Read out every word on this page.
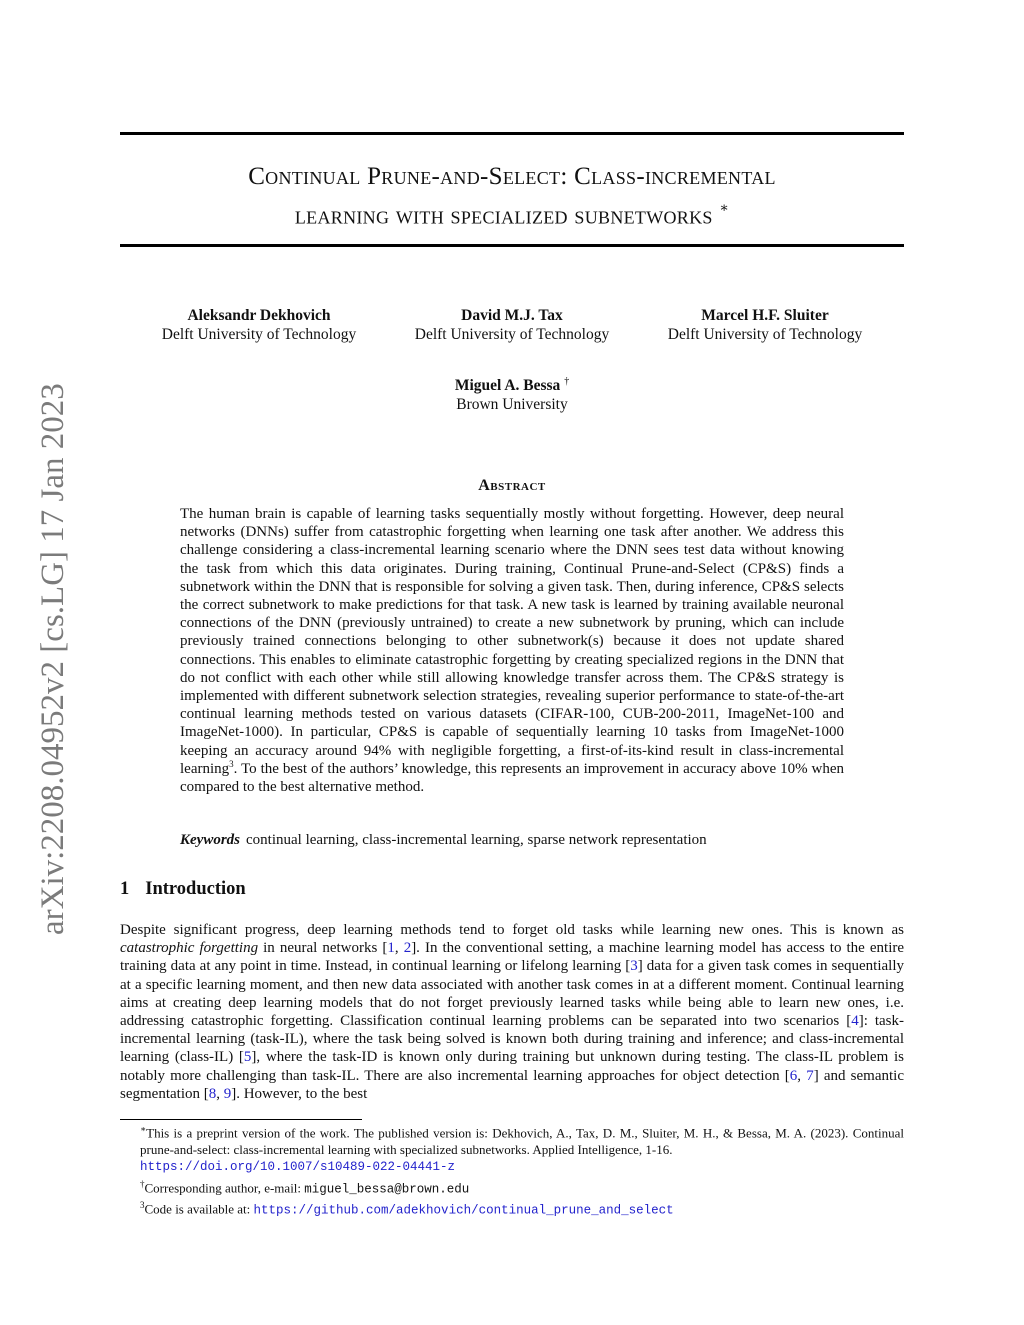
arXiv:2208.04952v2 [cs.LG] 17 Jan 2023
Continual Prune-and-Select: Class-incremental
learning with specialized subnetworks ∗
Aleksandr Dekhovich
Delft University of Technology
David M.J. Tax
Delft University of Technology
Marcel H.F. Sluiter
Delft University of Technology
Miguel A. Bessa †
Brown University
Abstract
The human brain is capable of learning tasks sequentially mostly without forgetting. However, deep neural networks (DNNs) suffer from catastrophic forgetting when learning one task after another. We address this challenge considering a class-incremental learning scenario where the DNN sees test data without knowing the task from which this data originates. During training, Continual Prune-and-Select (CP&S) finds a subnetwork within the DNN that is responsible for solving a given task. Then, during inference, CP&S selects the correct subnetwork to make predictions for that task. A new task is learned by training available neuronal connections of the DNN (previously untrained) to create a new subnetwork by pruning, which can include previously trained connections belonging to other subnetwork(s) because it does not update shared connections. This enables to eliminate catastrophic forgetting by creating specialized regions in the DNN that do not conflict with each other while still allowing knowledge transfer across them. The CP&S strategy is implemented with different subnetwork selection strategies, revealing superior performance to state-of-the-art continual learning methods tested on various datasets (CIFAR-100, CUB-200-2011, ImageNet-100 and ImageNet-1000). In particular, CP&S is capable of sequentially learning 10 tasks from ImageNet-1000 keeping an accuracy around 94% with negligible forgetting, a first-of-its-kind result in class-incremental learning$^3$. To the best of the authors’ knowledge, this represents an improvement in accuracy above 10% when compared to the best alternative method.
Keywords continual learning, class-incremental learning, sparse network representation
1 Introduction
Despite significant progress, deep learning methods tend to forget old tasks while learning new ones. This is known as catastrophic forgetting in neural networks [1, 2]. In the conventional setting, a machine learning model has access to the entire training data at any point in time. Instead, in continual learning or lifelong learning [3] data for a given task comes in sequentially at a specific learning moment, and then new data associated with another task comes in at a different moment. Continual learning aims at creating deep learning models that do not forget previously learned tasks while being able to learn new ones, i.e. addressing catastrophic forgetting. Classification continual learning problems can be separated into two scenarios [4]: task-incremental learning (task-IL), where the task being solved is known both during training and inference; and class-incremental learning (class-IL) [5], where the task-ID is known only during training but unknown during testing. The class-IL problem is notably more challenging than task-IL. There are also incremental learning approaches for object detection [6, 7] and semantic segmentation [8, 9]. However, to the best
∗This is a preprint version of the work. The published version is: Dekhovich, A., Tax, D. M., Sluiter, M. H., & Bessa, M. A. (2023). Continual prune-and-select: class-incremental learning with specialized subnetworks. Applied Intelligence, 1-16.
https://doi.org/10.1007/s10489-022-04441-z
†Corresponding author, e-mail: miguel_bessa@brown.edu
$^3$Code is available at: https://github.com/adekhovich/continual_prune_and_select
